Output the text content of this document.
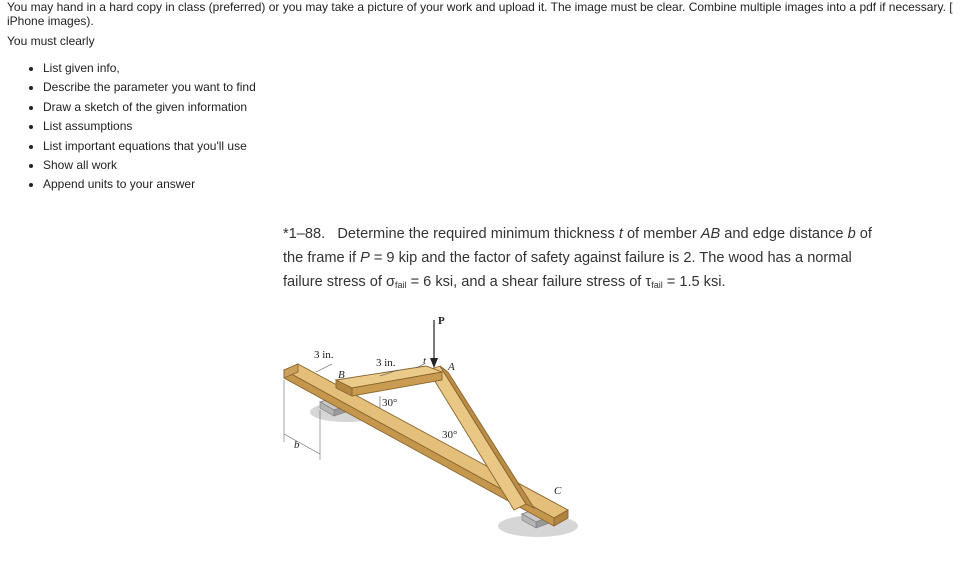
You may hand in a hard copy in class (preferred) or you may take a picture of your work and upload it. The image must be clear. Combine multiple images into a pdf if necessary. [
iPhone images).
You must clearly
• List given info,
• Describe the parameter you want to find
• Draw a sketch of the given information
• List assumptions
• List important equations that you'll use
• Show all work
• Append units to your answer
*1–88. Determine the required minimum thickness t of member AB and edge distance b of the frame if P = 9 kip and the factor of safety against failure is 2. The wood has a normal failure stress of $\sigma_{fail} = 6$ ksi, and a shear failure stress of $\tau_{fail} = 1.5$ ksi.
P
3 in.
B
3 in. t A
30°
30°
C
b
